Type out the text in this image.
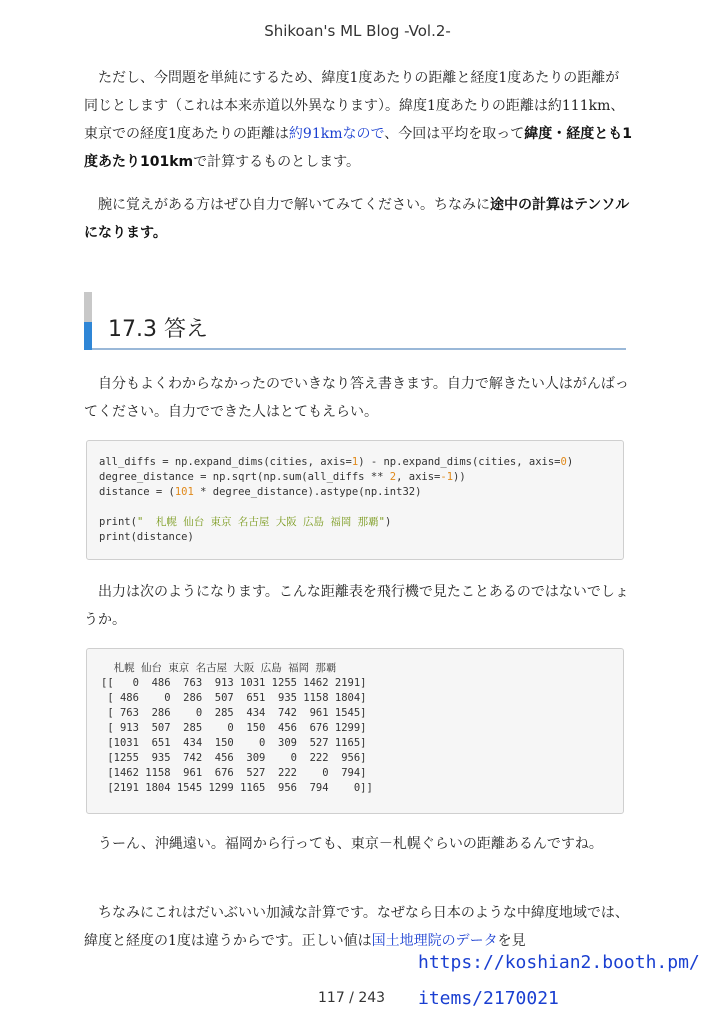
Shikoan's ML Blog -Vol.2-

ただし、今問題を単純にするため、緯度1度あたりの距離と経度1度あたりの距離が同じとします（これは本来赤道以外異なります）。緯度1度あたりの距離は約111km、東京での経度1度あたりの距離は約91kmなので、今回は平均を取って緯度・経度とも1度あたり101kmで計算するものとします。

腕に覚えがある方はぜひ自力で解いてみてください。ちなみに途中の計算はテンソルになります。

17.3 答え

自分もよくわからなかったのでいきなり答え書きます。自力で解きたい人はがんばってください。自力でできた人はとてもえらい。

all_diffs = np.expand_dims(cities, axis=1) - np.expand_dims(cities, axis=0)
degree_distance = np.sqrt(np.sum(all_diffs ** 2, axis=-1))
distance = (101 * degree_distance).astype(np.int32)

print("  札幌 仙台 東京 名古屋 大阪 広島 福岡 那覇")
print(distance)

出力は次のようになります。こんな距離表を飛行機で見たことあるのではないでしょうか。

札幌 仙台 東京 名古屋 大阪 広島 福岡 那覇
[[   0  486  763  913 1031 1255 1462 2191]
[ 486    0  286  507  651  935 1158 1804]
[ 763  286    0  285  434  742  961 1545]
[ 913  507  285    0  150  456  676 1299]
[1031  651  434  150    0  309  527 1165]
[1255  935  742  456  309    0  222  956]
[1462 1158  961  676  527  222    0  794]
[2191 1804 1545 1299 1165  956  794    0]]

うーん、沖縄遠い。福岡から行っても、東京－札幌ぐらいの距離あるんですね。

ちなみにこれはだいぶいい加減な計算です。なぜなら日本のような中緯度地域では、緯度と経度の1度は違うからです。正しい値は国土地理院のデータを見

117 / 243
https://koshian2.booth.pm/
items/2170021
